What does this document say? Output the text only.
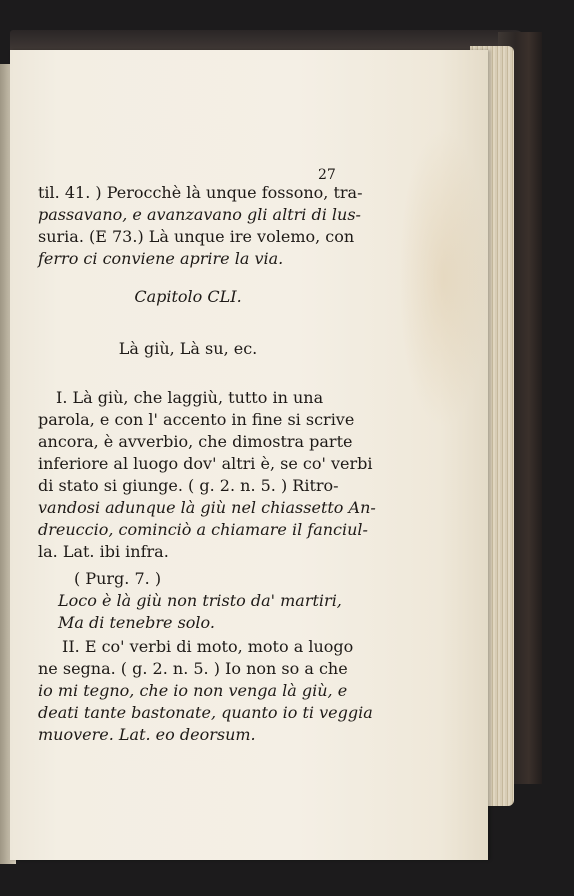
27
til. 41. ) Perocchè là unque fossono, tra-
passavano, e avanzavano gli altri di lus-
suria. (E 73.) Là unque ire volemo, con
ferro ci conviene aprire la via.
Capitolo CLI.
Là giù, Là su, ec.
I. Là giù, che laggiù, tutto in una
parola, e con l' accento in fine si scrive
ancora, è avverbio, che dimostra parte
inferiore al luogo dov' altri è, se co' verbi
di stato si giunge. ( g. 2. n. 5. ) Ritro-
vandosi adunque là giù nel chiassetto An-
dreuccio, cominciò a chiamare il fanciul-
la. Lat. ibi infra.
( Purg. 7. )
Loco è là giù non tristo da' martiri,
Ma di tenebre solo.
II. E co' verbi di moto, moto a luogo
ne segna. ( g. 2. n. 5. ) Io non so a che
io mi tegno, che io non venga là giù, e
deati tante bastonate, quanto io ti veggia
muovere. Lat. eo deorsum.
